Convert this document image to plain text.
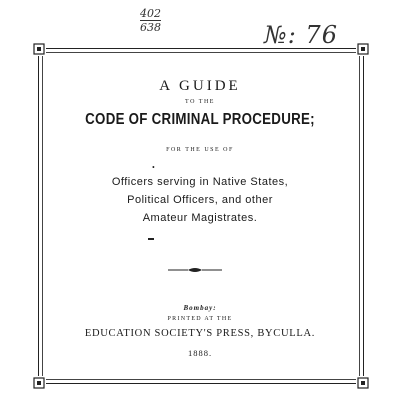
402
638	№: 76
A GUIDE
TO THE
CODE OF CRIMINAL PROCEDURE;
FOR THE USE OF
•
Officers serving in Native States,
Political Officers, and other
Amateur Magistrates.
Bombay:
PRINTED AT THE
EDUCATION SOCIETY'S PRESS, BYCULLA.
1888.
